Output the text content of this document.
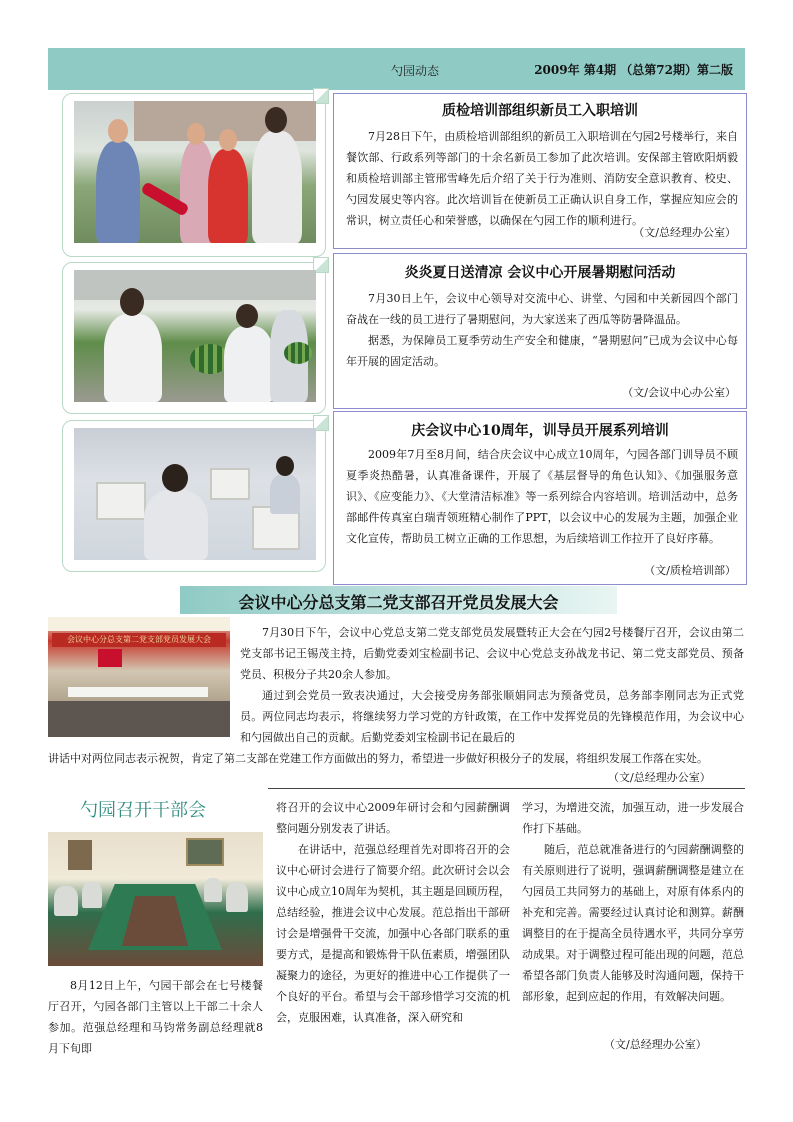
勺园动态	2009年 第4期 （总第72期）第二版
质检培训部组织新员工入职培训

7月28日下午，由质检培训部组织的新员工入职培训在勺园2号楼举行，来自餐饮部、行政系列等部门的十余名新员工参加了此次培训。安保部主管欧阳炳毅和质检培训部主管邢雪峰先后介绍了关于行为准则、消防安全意识教育、校史、勺园发展史等内容。此次培训旨在使新员工正确认识自身工作，掌握应知应会的常识，树立责任心和荣誉感，以确保在勺园工作的顺利进行。

（文/总经理办公室）
炎炎夏日送清凉 会议中心开展暑期慰问活动

7月30日上午，会议中心领导对交流中心、讲堂、勺园和中关新园四个部门奋战在一线的员工进行了暑期慰问，为大家送来了西瓜等防暑降温品。

据悉，为保障员工夏季劳动生产安全和健康，“暑期慰问”已成为会议中心每年开展的固定活动。

（文/会议中心办公室）
庆会议中心10周年，训导员开展系列培训

2009年7月至8月间，结合庆会议中心成立10周年，勺园各部门训导员不顾夏季炎热酷暑，认真准备课件，开展了《基层督导的角色认知》、《加强服务意识》、《应变能力》、《大堂清洁标准》等一系列综合内容培训。培训活动中，总务部邮件传真室白瑞青领班精心制作了PPT，以会议中心的发展为主题，加强企业文化宣传，帮助员工树立正确的工作思想，为后续培训工作拉开了良好序幕。

（文/质检培训部）
会议中心分总支第二党支部召开党员发展大会
会议中心分总支第二党支部党员发展大会
7月30日下午，会议中心党总支第二党支部党员发展暨转正大会在勺园2号楼餐厅召开，会议由第二党支部书记王锡茂主持，后勤党委刘宝检副书记、会议中心党总支孙战龙书记、第二党支部党员、预备党员、积极分子共20余人参加。
通过到会党员一致表决通过，大会接受房务部张顺娟同志为预备党员，总务部李刚同志为正式党员。两位同志均表示，将继续努力学习党的方针政策，在工作中发挥党员的先锋模范作用，为会议中心和勺园做出自己的贡献。后勤党委刘宝检副书记在最后的
讲话中对两位同志表示祝贺，肯定了第二支部在党建工作方面做出的努力，希望进一步做好积极分子的发展，将组织发展工作落在实处。
（文/总经理办公室）
勺园召开干部会
8月12日上午，勺园干部会在七号楼餐厅召开，勺园各部门主管以上干部二十余人参加。范强总经理和马钧常务副总经理就8月下旬即
将召开的会议中心2009年研讨会和勺园薪酬调整问题分别发表了讲话。
在讲话中，范强总经理首先对即将召开的会议中心研讨会进行了简要介绍。此次研讨会以会议中心成立10周年为契机，其主题是回顾历程，总结经验，推进会议中心发展。范总指出干部研讨会是增强骨干交流，加强中心各部门联系的重要方式，是提高和锻炼骨干队伍素质，增强团队凝聚力的途径，为更好的推进中心工作提供了一个良好的平台。希望与会干部珍惜学习交流的机会，克服困难，认真准备，深入研究和
学习，为增进交流，加强互动，进一步发展合作打下基础。
随后，范总就准备进行的勺园薪酬调整的有关原则进行了说明，强调薪酬调整是建立在勺园员工共同努力的基础上，对原有体系内的补充和完善。需要经过认真讨论和测算。薪酬调整目的在于提高全员待遇水平，共同分享劳动成果。对于调整过程可能出现的问题，范总希望各部门负责人能够及时沟通问题，保持干部形象，起到应起的作用，有效解决问题。
（文/总经理办公室）
